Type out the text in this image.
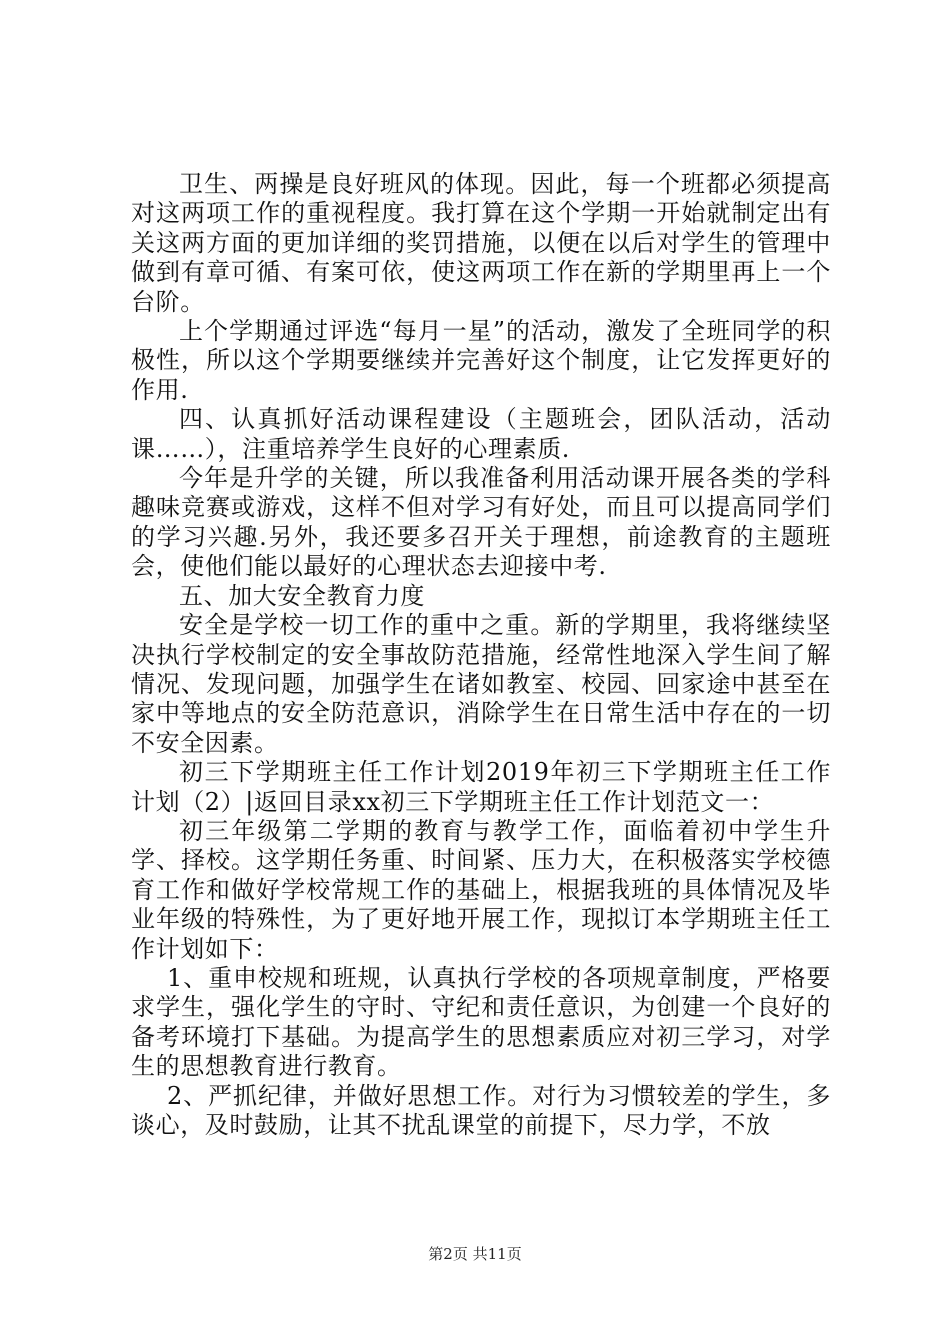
卫生、两操是良好班风的体现。因此，每一个班都必须提高对这两项工作的重视程度。我打算在这个学期一开始就制定出有关这两方面的更加详细的奖罚措施，以便在以后对学生的管理中做到有章可循、有案可依，使这两项工作在新的学期里再上一个台阶。

上个学期通过评选“每月一星”的活动，激发了全班同学的积极性，所以这个学期要继续并完善好这个制度，让它发挥更好的作用.

四、认真抓好活动课程建设（主题班会，团队活动，活动课……），注重培养学生良好的心理素质.

今年是升学的关键，所以我准备利用活动课开展各类的学科趣味竞赛或游戏，这样不但对学习有好处，而且可以提高同学们的学习兴趣.另外，我还要多召开关于理想，前途教育的主题班会，使他们能以最好的心理状态去迎接中考.

五、加大安全教育力度

安全是学校一切工作的重中之重。新的学期里，我将继续坚决执行学校制定的安全事故防范措施，经常性地深入学生间了解情况、发现问题，加强学生在诸如教室、校园、回家途中甚至在家中等地点的安全防范意识，消除学生在日常生活中存在的一切不安全因素。

初三下学期班主任工作计划2019年初三下学期班主任工作计划（2）|返回目录xx初三下学期班主任工作计划范文一：

初三年级第二学期的教育与教学工作，面临着初中学生升学、择校。这学期任务重、时间紧、压力大，在积极落实学校德育工作和做好学校常规工作的基础上，根据我班的具体情况及毕业年级的特殊性，为了更好地开展工作，现拟订本学期班主任工作计划如下：

1、重申校规和班规，认真执行学校的各项规章制度，严格要求学生，强化学生的守时、守纪和责任意识，为创建一个良好的备考环境打下基础。为提高学生的思想素质应对初三学习，对学生的思想教育进行教育。

2、严抓纪律，并做好思想工作。对行为习惯较差的学生，多谈心，及时鼓励，让其不扰乱课堂的前提下，尽力学，不放

第2页 共11页
